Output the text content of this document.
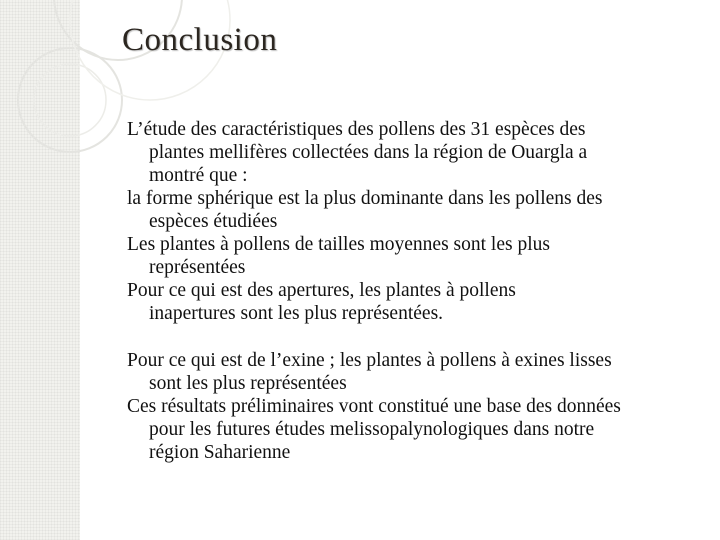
Conclusion

L’étude des caractéristiques des pollens des 31 espèces des
plantes mellifères collectées dans la région de Ouargla a
montré que :

la forme sphérique est la plus dominante dans les pollens des
espèces étudiées

Les plantes à pollens de tailles moyennes sont les plus
représentées

Pour ce qui est des apertures, les plantes à pollens
inapertures sont les plus représentées.

Pour ce qui est de l’exine ; les plantes à pollens à exines lisses
sont les plus représentées

Ces résultats préliminaires vont constitué une base des données
pour les futures études melissopalynologiques dans notre
région Saharienne
